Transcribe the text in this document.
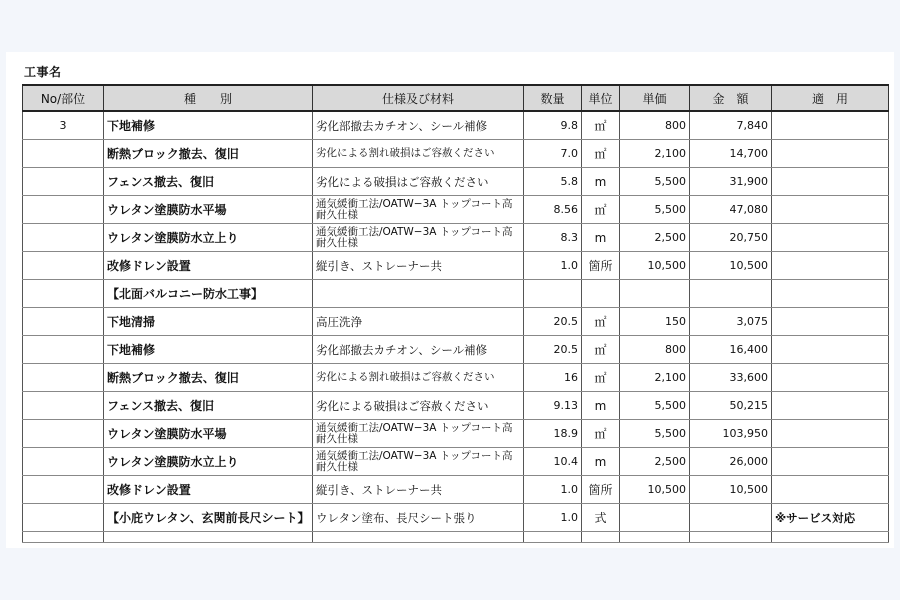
工事名
No/部位	種　　別	仕様及び材料	数量	単位	単価	金　額	適　用
3	下地補修	劣化部撤去カチオン、シール補修	9.8	㎡	800	7,840	
	断熱ブロック撤去、復旧	劣化による割れ破損はご容赦ください	7.0	㎡	2,100	14,700	
	フェンス撤去、復旧	劣化による破損はご容赦ください	5.8	m	5,500	31,900	
	ウレタン塗膜防水平場	通気緩衝工法/OATW−3A トップコート高耐久仕様	8.56	㎡	5,500	47,080	
	ウレタン塗膜防水立上り	通気緩衝工法/OATW−3A トップコート高耐久仕様	8.3	m	2,500	20,750	
	改修ドレン設置	縦引き、ストレーナー共	1.0	箇所	10,500	10,500	
	【北面バルコニー防水工事】						
	下地清掃	高圧洗浄	20.5	㎡	150	3,075	
	下地補修	劣化部撤去カチオン、シール補修	20.5	㎡	800	16,400	
	断熱ブロック撤去、復旧	劣化による割れ破損はご容赦ください	16	㎡	2,100	33,600	
	フェンス撤去、復旧	劣化による破損はご容赦ください	9.13	m	5,500	50,215	
	ウレタン塗膜防水平場	通気緩衝工法/OATW−3A トップコート高耐久仕様	18.9	㎡	5,500	103,950	
	ウレタン塗膜防水立上り	通気緩衝工法/OATW−3A トップコート高耐久仕様	10.4	m	2,500	26,000	
	改修ドレン設置	縦引き、ストレーナー共	1.0	箇所	10,500	10,500	
	【小庇ウレタン、玄関前長尺シート】	ウレタン塗布、長尺シート張り	1.0	式			※サービス対応
